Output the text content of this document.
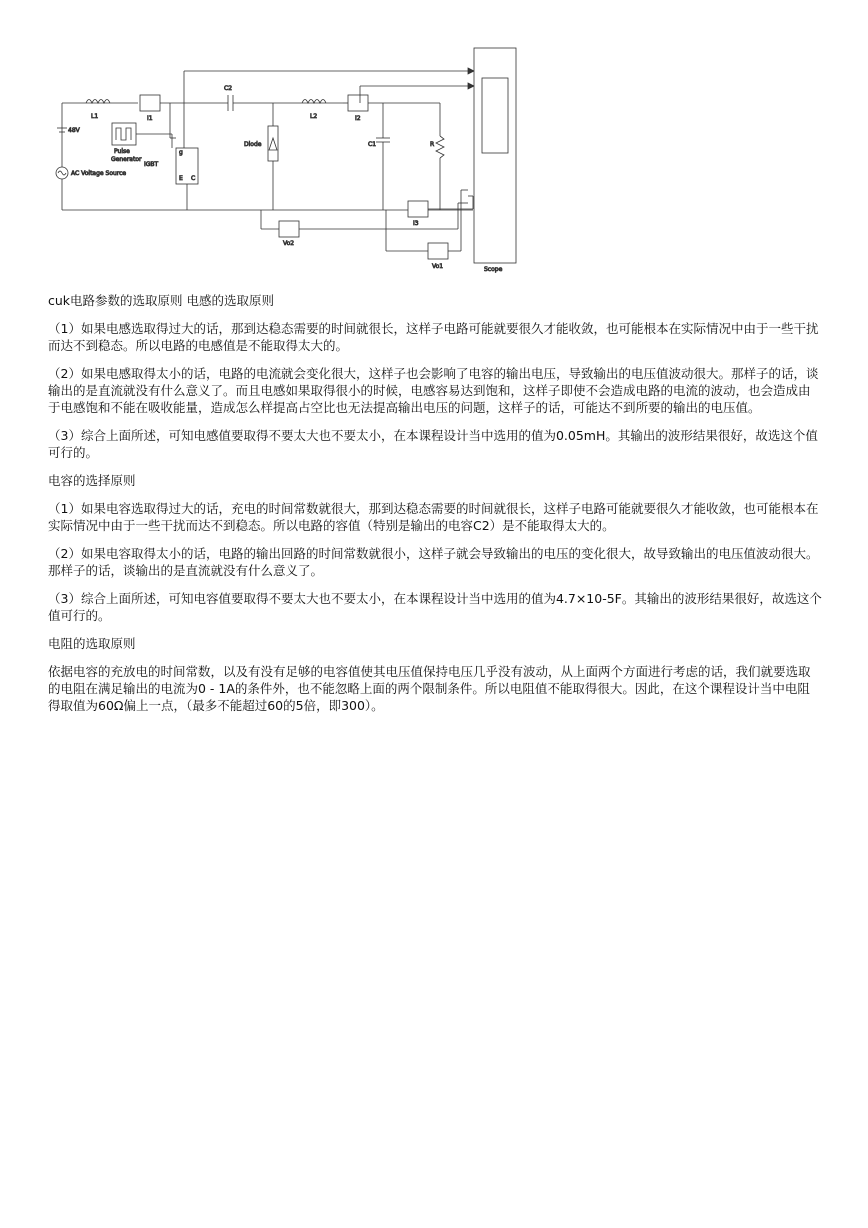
L1	I1
C2
L2	I2
C1	R
Diode
IGBT
E
g
C
48V
AC Voltage Source
Pulse
Generator
I3
Vo1
Vo2
Scope

cuk电路参数的选取原则 电感的选取原则

（1）如果电感选取得过大的话，那到达稳态需要的时间就很长，这样子电路可能就要很久才能收敛，也可能根本在实际情况中由于一些干扰而达不到稳态。所以电路的电感值是不能取得太大的。

（2）如果电感取得太小的话，电路的电流就会变化很大，这样子也会影响了电容的输出电压，导致输出的电压值波动很大。那样子的话，谈输出的是直流就没有什么意义了。而且电感如果取得很小的时候，电感容易达到饱和，这样子即使不会造成电路的电流的波动，也会造成由于电感饱和不能在吸收能量，造成怎么样提高占空比也无法提高输出电压的问题，这样子的话，可能达不到所要的输出的电压值。

（3）综合上面所述，可知电感值要取得不要太大也不要太小，在本课程设计当中选用的值为0.05mH。其输出的波形结果很好，故选这个值可行的。

电容的选择原则

（1）如果电容选取得过大的话，充电的时间常数就很大，那到达稳态需要的时间就很长，这样子电路可能就要很久才能收敛，也可能根本在实际情况中由于一些干扰而达不到稳态。所以电路的容值（特别是输出的电容C2）是不能取得太大的。

（2）如果电容取得太小的话，电路的输出回路的时间常数就很小，这样子就会导致输出的电压的变化很大，故导致输出的电压值波动很大。那样子的话，谈输出的是直流就没有什么意义了。

（3）综合上面所述，可知电容值要取得不要太大也不要太小，在本课程设计当中选用的值为4.7×10-5F。其输出的波形结果很好，故选这个值可行的。

电阻的选取原则

依据电容的充放电的时间常数，以及有没有足够的电容值使其电压值保持电压几乎没有波动，从上面两个方面进行考虑的话，我们就要选取的电阻在满足输出的电流为0 - 1A的条件外，也不能忽略上面的两个限制条件。所以电阻值不能取得很大。因此，在这个课程设计当中电阻得取值为60Ω偏上一点，（最多不能超过60的5倍，即300）。
